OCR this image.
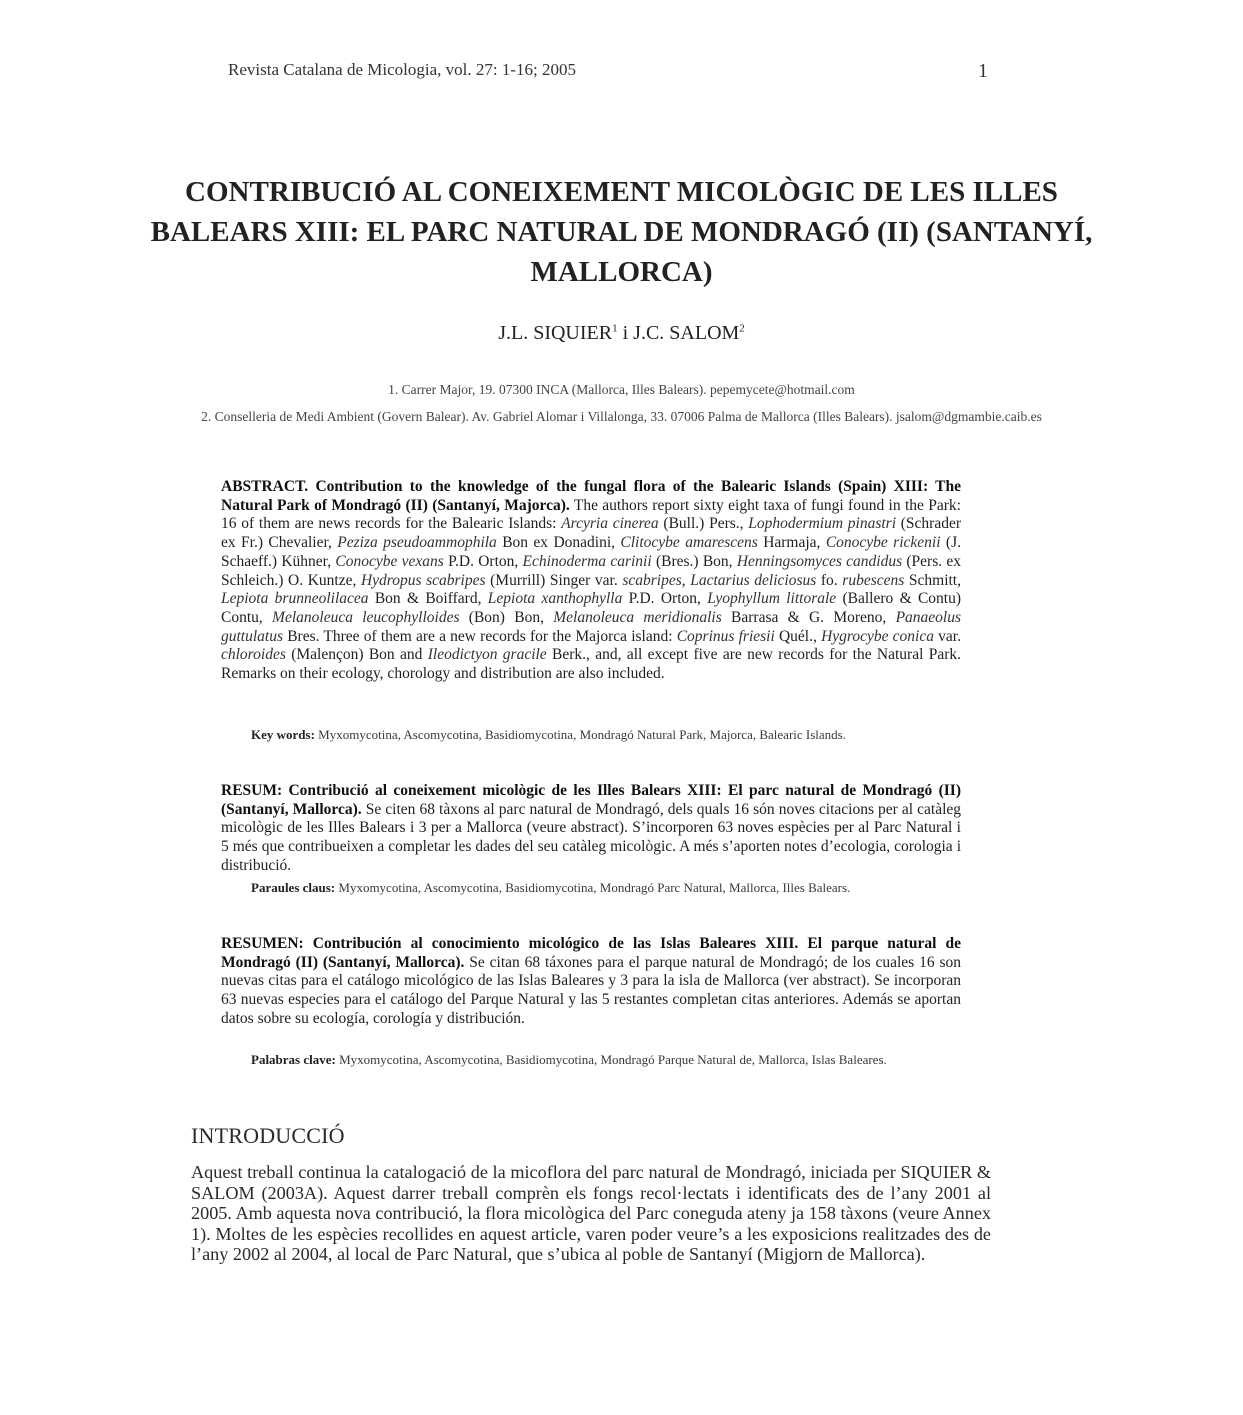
Revista Catalana de Micologia, vol. 27: 1-16; 2005	1
CONTRIBUCIÓ AL CONEIXEMENT MICOLÒGIC DE LES ILLES BALEARS XIII: EL PARC NATURAL DE MONDRAGÓ (II) (SANTANYÍ, MALLORCA)
J.L. SIQUIER$^1$ i J.C. SALOM$^2$
1. Carrer Major, 19. 07300 INCA (Mallorca, Illes Balears). pepemycete@hotmail.com
2. Conselleria de Medi Ambient (Govern Balear). Av. Gabriel Alomar i Villalonga, 33. 07006 Palma de Mallorca (Illes Balears). jsalom@dgmambie.caib.es
ABSTRACT. Contribution to the knowledge of the fungal flora of the Balearic Islands (Spain) XIII: The Natural Park of Mondragó (II) (Santanyí, Majorca). The authors report sixty eight taxa of fungi found in the Park: 16 of them are news records for the Balearic Islands: Arcyria cinerea (Bull.) Pers., Lophodermium pinastri (Schrader ex Fr.) Chevalier, Peziza pseudoammophila Bon ex Donadini, Clitocybe amarescens Harmaja, Conocybe rickenii (J. Schaeff.) Kühner, Conocybe vexans P.D. Orton, Echinoderma carinii (Bres.) Bon, Henningsomyces candidus (Pers. ex Schleich.) O. Kuntze, Hydropus scabripes (Murrill) Singer var. scabripes, Lactarius deliciosus fo. rubescens Schmitt, Lepiota brunneolilacea Bon & Boiffard, Lepiota xanthophylla P.D. Orton, Lyophyllum littorale (Ballero & Contu) Contu, Melanoleuca leucophylloides (Bon) Bon, Melanoleuca meridionalis Barrasa & G. Moreno, Panaeolus guttulatus Bres. Three of them are a new records for the Majorca island: Coprinus friesii Quél., Hygrocybe conica var. chloroides (Malençon) Bon and Ileodictyon gracile Berk., and, all except five are new records for the Natural Park. Remarks on their ecology, chorology and distribution are also included.
Key words: Myxomycotina, Ascomycotina, Basidiomycotina, Mondragó Natural Park, Majorca, Balearic Islands.
RESUM: Contribució al coneixement micològic de les Illes Balears XIII: El parc natural de Mondragó (II) (Santanyí, Mallorca). Se citen 68 tàxons al parc natural de Mondragó, dels quals 16 són noves citacions per al catàleg micològic de les Illes Balears i 3 per a Mallorca (veure abstract). S’incorporen 63 noves espècies per al Parc Natural i 5 més que contribueixen a completar les dades del seu catàleg micològic. A més s’aporten notes d’ecologia, corologia i distribució.
Paraules claus: Myxomycotina, Ascomycotina, Basidiomycotina, Mondragó Parc Natural, Mallorca, Illes Balears.
RESUMEN: Contribución al conocimiento micológico de las Islas Baleares XIII. El parque natural de Mondragó (II) (Santanyí, Mallorca). Se citan 68 táxones para el parque natural de Mondragó; de los cuales 16 son nuevas citas para el catálogo micológico de las Islas Baleares y 3 para la isla de Mallorca (ver abstract). Se incorporan 63 nuevas especies para el catálogo del Parque Natural y las 5 restantes completan citas anteriores. Además se aportan datos sobre su ecología, corología y distribución.
Palabras clave: Myxomycotina, Ascomycotina, Basidiomycotina, Mondragó Parque Natural de, Mallorca, Islas Baleares.
INTRODUCCIÓ
Aquest treball continua la catalogació de la micoflora del parc natural de Mondragó, iniciada per SIQUIER & SALOM (2003A). Aquest darrer treball comprèn els fongs recol·lectats i identificats des de l’any 2001 al 2005. Amb aquesta nova contribució, la flora micològica del Parc coneguda ateny ja 158 tàxons (veure Annex 1). Moltes de les espècies recollides en aquest article, varen poder veure’s a les exposicions realitzades des de l’any 2002 al 2004, al local de Parc Natural, que s’ubica al poble de Santanyí (Migjorn de Mallorca).
